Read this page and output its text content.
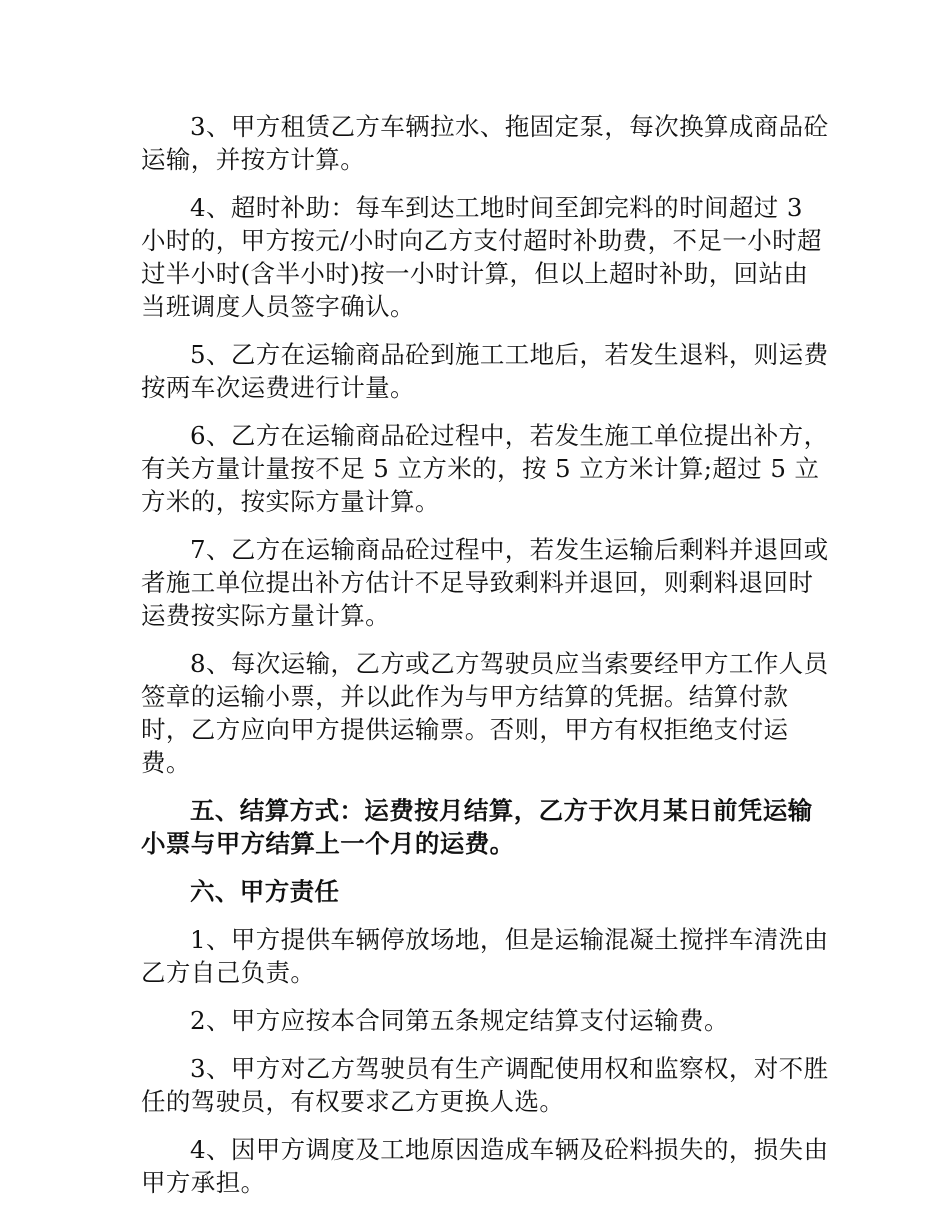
3、甲方租赁乙方车辆拉水、拖固定泵，每次换算成商品砼运输，并按方计算。

4、超时补助：每车到达工地时间至卸完料的时间超过 3 小时的，甲方按元/小时向乙方支付超时补助费，不足一小时超过半小时(含半小时)按一小时计算，但以上超时补助，回站由当班调度人员签字确认。

5、乙方在运输商品砼到施工工地后，若发生退料，则运费按两车次运费进行计量。

6、乙方在运输商品砼过程中，若发生施工单位提出补方，有关方量计量按不足 5 立方米的，按 5 立方米计算;超过 5 立方米的，按实际方量计算。

7、乙方在运输商品砼过程中，若发生运输后剩料并退回或者施工单位提出补方估计不足导致剩料并退回，则剩料退回时运费按实际方量计算。

8、每次运输，乙方或乙方驾驶员应当索要经甲方工作人员签章的运输小票，并以此作为与甲方结算的凭据。结算付款时，乙方应向甲方提供运输票。否则，甲方有权拒绝支付运费。

五、结算方式：运费按月结算，乙方于次月某日前凭运输小票与甲方结算上一个月的运费。

六、甲方责任

1、甲方提供车辆停放场地，但是运输混凝土搅拌车清洗由乙方自己负责。

2、甲方应按本合同第五条规定结算支付运输费。

3、甲方对乙方驾驶员有生产调配使用权和监察权，对不胜任的驾驶员，有权要求乙方更换人选。

4、因甲方调度及工地原因造成车辆及砼料损失的，损失由甲方承担。
